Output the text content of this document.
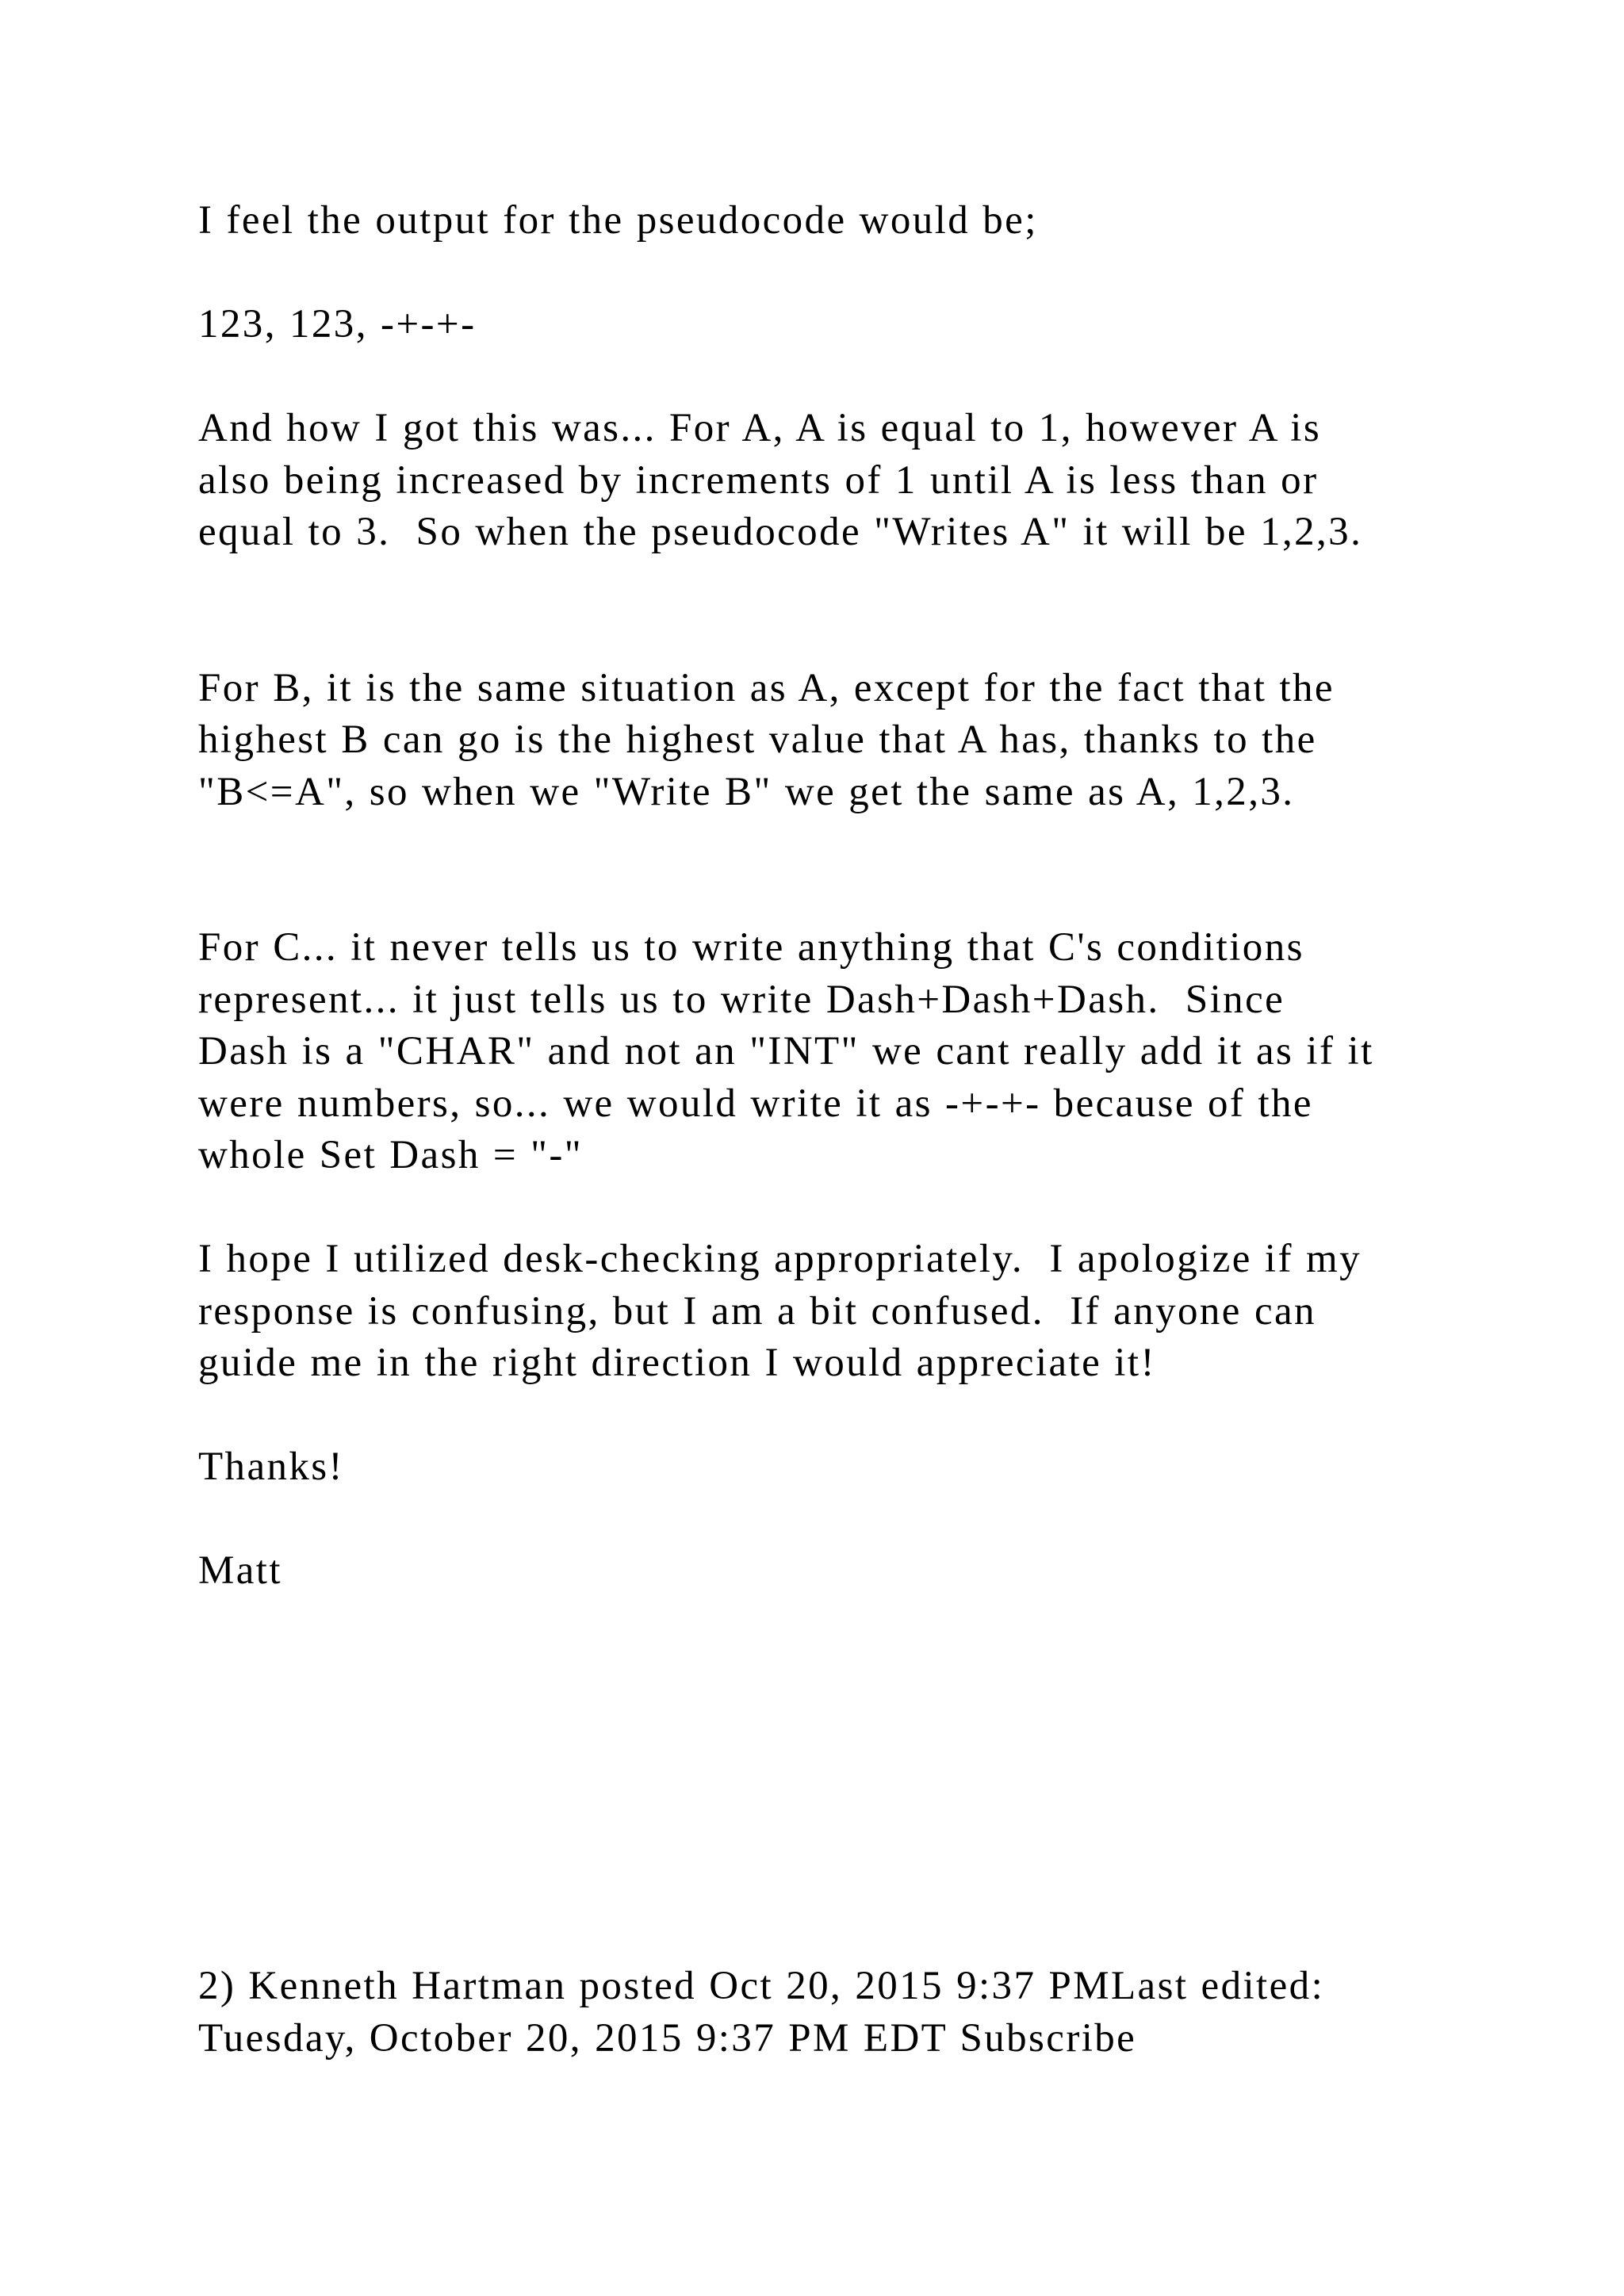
I feel the output for the pseudocode would be;
123, 123, -+-+-
And how I got this was... For A, A is equal to 1, however A is
also being increased by increments of 1 until A is less than or
equal to 3.  So when the pseudocode "Writes A" it will be 1,2,3.
For B, it is the same situation as A, except for the fact that the
highest B can go is the highest value that A has, thanks to the
"B<=A", so when we "Write B" we get the same as A, 1,2,3.
For C... it never tells us to write anything that C's conditions
represent... it just tells us to write Dash+Dash+Dash.  Since
Dash is a "CHAR" and not an "INT" we cant really add it as if it
were numbers, so... we would write it as -+-+- because of the
whole Set Dash = "-"
I hope I utilized desk-checking appropriately.  I apologize if my
response is confusing, but I am a bit confused.  If anyone can
guide me in the right direction I would appreciate it!
Thanks!
Matt
2) Kenneth Hartman posted Oct 20, 2015 9:37 PMLast edited:
Tuesday, October 20, 2015 9:37 PM EDT Subscribe
